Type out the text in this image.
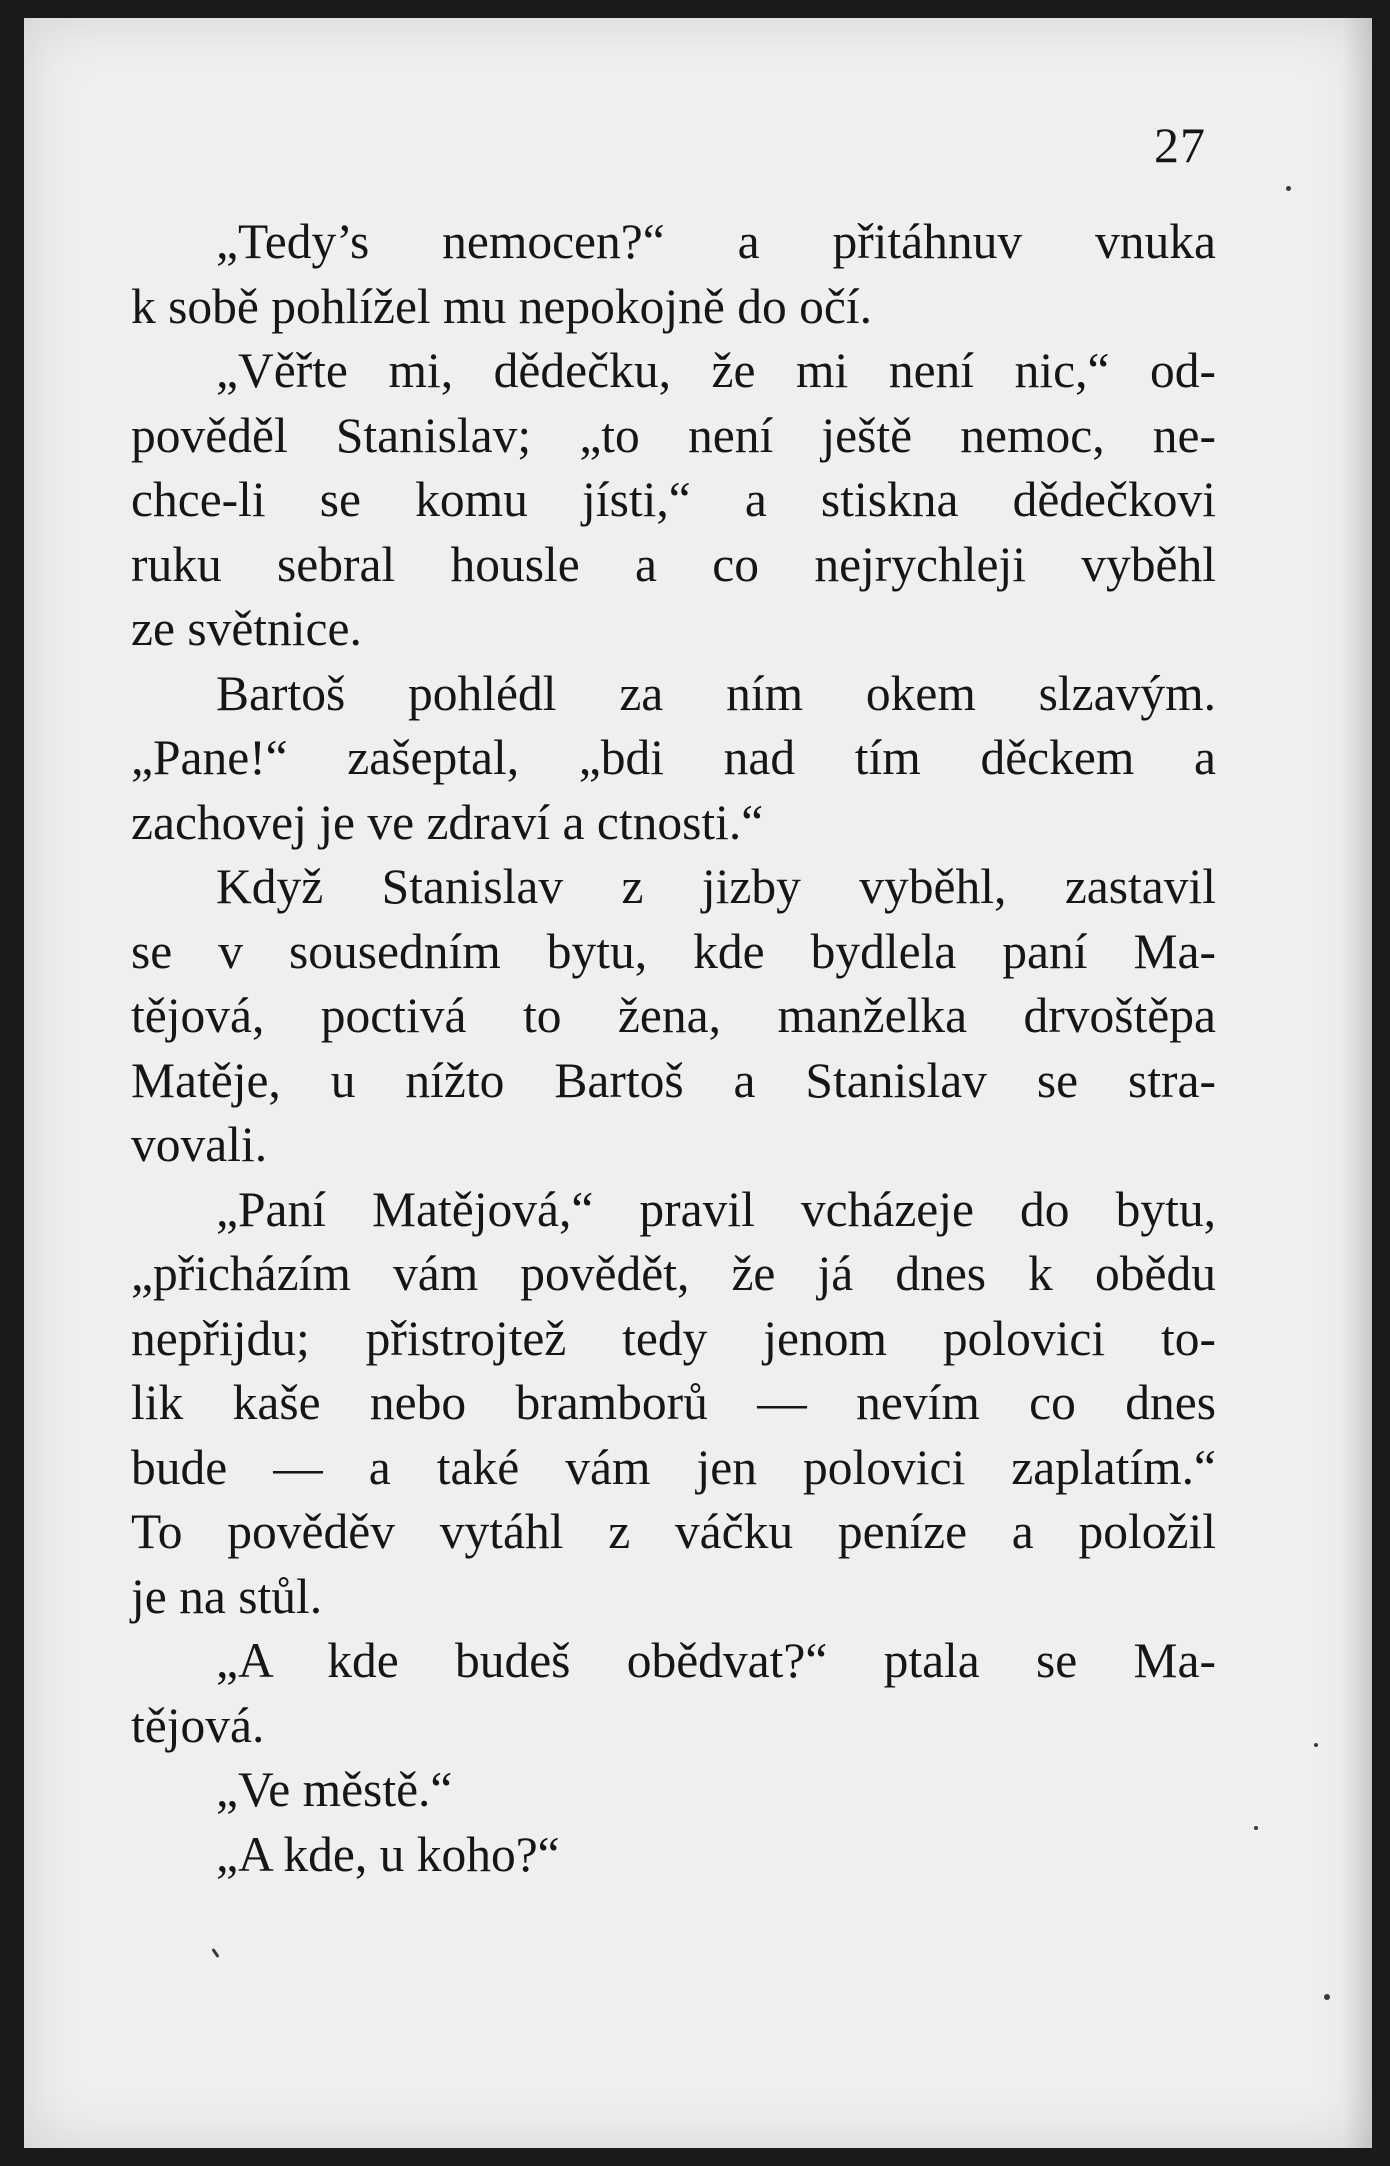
27
„Tedy’s nemocen?“ a přitáhnuv vnuka
k sobě pohlížel mu nepokojně do očí.
„Věřte mi, dědečku, že mi není nic,“ od-
pověděl Stanislav; „to není ještě nemoc, ne-
chce-li se komu jísti,“ a stiskna dědečkovi
ruku sebral housle a co nejrychleji vyběhl
ze světnice.
Bartoš pohlédl za ním okem slzavým.
„Pane!“ zašeptal, „bdi nad tím děckem a
zachovej je ve zdraví a ctnosti.“
Když Stanislav z jizby vyběhl, zastavil
se v sousedním bytu, kde bydlela paní Ma-
tějová, poctivá to žena, manželka drvoštěpa
Matěje, u nížto Bartoš a Stanislav se stra-
vovali.
„Paní Matějová,“ pravil vcházeje do bytu,
„přicházím vám povědět, že já dnes k obědu
nepřijdu; přistrojtež tedy jenom polovici to-
lik kaše nebo bramborů — nevím co dnes
bude — a také vám jen polovici zaplatím.“
To pověděv vytáhl z váčku peníze a položil
je na stůl.
„A kde budeš obědvat?“ ptala se Ma-
tějová.
„Ve městě.“
„A kde, u koho?“
